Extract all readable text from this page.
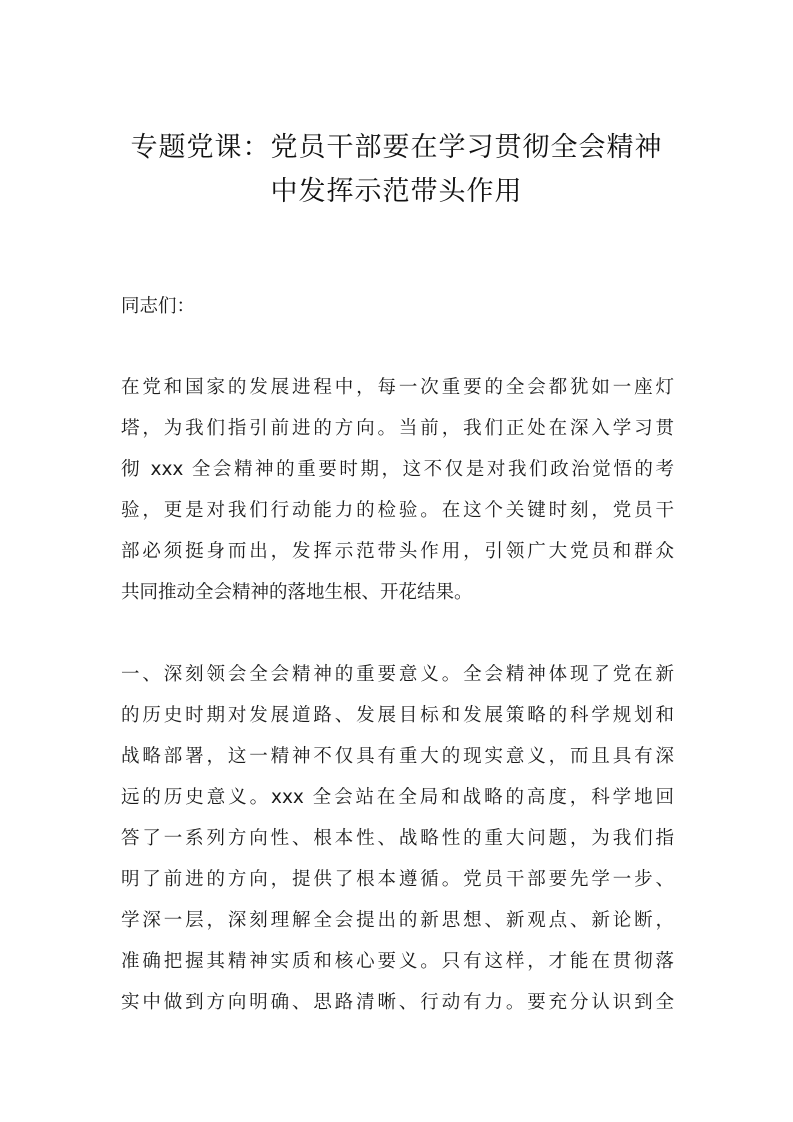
专题党课：党员干部要在学习贯彻全会精神
中发挥示范带头作用
同志们：
在党和国家的发展进程中，每一次重要的全会都犹如一座灯
塔，为我们指引前进的方向。当前，我们正处在深入学习贯
彻 xxx 全会精神的重要时期，这不仅是对我们政治觉悟的考
验，更是对我们行动能力的检验。在这个关键时刻，党员干
部必须挺身而出，发挥示范带头作用，引领广大党员和群众
共同推动全会精神的落地生根、开花结果。
一、深刻领会全会精神的重要意义。全会精神体现了党在新
的历史时期对发展道路、发展目标和发展策略的科学规划和
战略部署，这一精神不仅具有重大的现实意义，而且具有深
远的历史意义。xxx 全会站在全局和战略的高度，科学地回
答了一系列方向性、根本性、战略性的重大问题，为我们指
明了前进的方向，提供了根本遵循。党员干部要先学一步、
学深一层，深刻理解全会提出的新思想、新观点、新论断，
准确把握其精神实质和核心要义。只有这样，才能在贯彻落
实中做到方向明确、思路清晰、行动有力。要充分认识到全
